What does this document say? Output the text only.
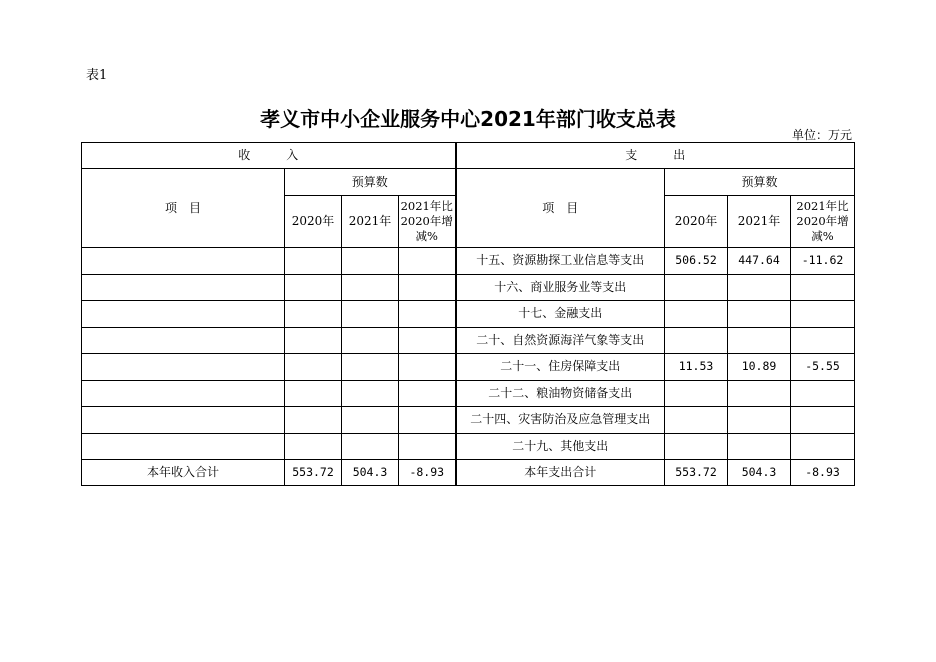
表1
孝义市中小企业服务中心2021年部门收支总表
单位：万元
收　　　入				支　　　出			
项　目	预算数			项　目	预算数		
	2020年	2021年	2021年比2020年增减%		2020年	2021年	2021年比2020年增减%
				十五、资源勘探工业信息等支出	506.52	447.64	-11.62
				十六、商业服务业等支出			
				十七、金融支出			
				二十、自然资源海洋气象等支出			
				二十一、住房保障支出	11.53	10.89	-5.55
				二十二、粮油物资储备支出			
				二十四、灾害防治及应急管理支出			
				二十九、其他支出			
本年收入合计	553.72	504.3	-8.93	本年支出合计	553.72	504.3	-8.93
